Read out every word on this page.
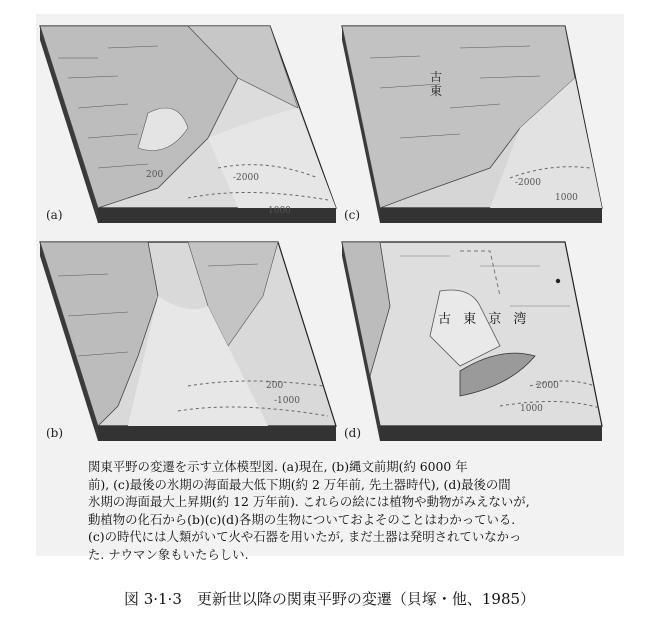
200	-2000
1000
(a)
古東
-2000
1000
(c)
200
-1000
(b)
古 東 京 湾
2000
1000
(d)
関東平野の変遷を示す立体模型図. (a)現在, (b)縄文前期(約 6000 年
前), (c)最後の氷期の海面最大低下期(約 2 万年前, 先土器時代), (d)最後の間
氷期の海面最大上昇期(約 12 万年前). これらの絵には植物や動物がみえないが,
動植物の化石から(b)(c)(d)各期の生物についておよそのことはわかっている.
(c)の時代には人類がいて火や石器を用いたが, まだ土器は発明されていなかっ
た. ナウマン象もいたらしい.
図 3·1·3　更新世以降の関東平野の変遷（貝塚・他、1985）
